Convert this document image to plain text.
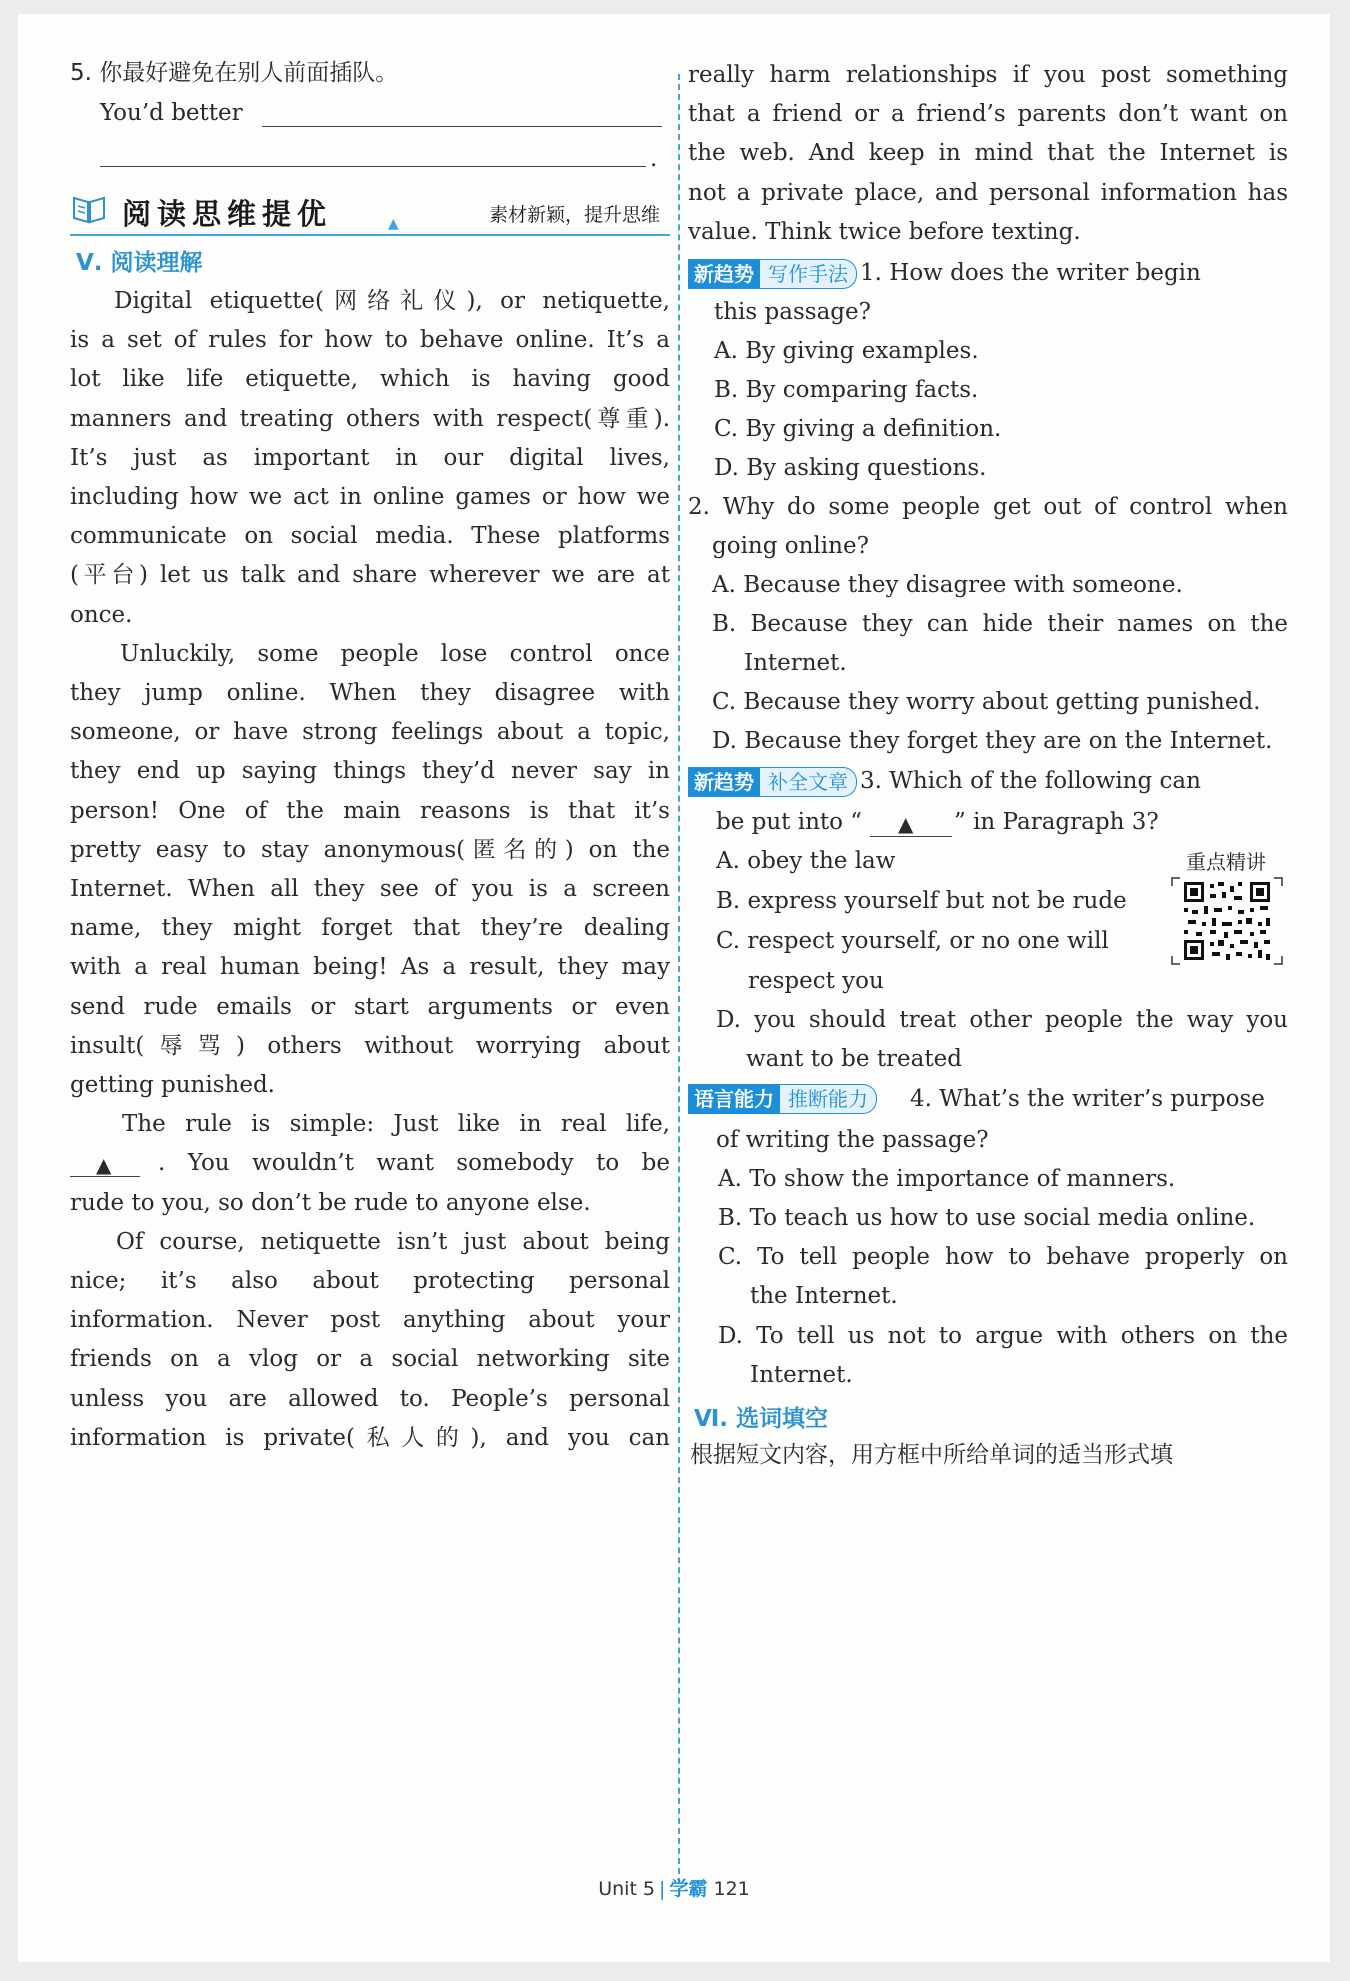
5. 你最好避免在别人前面插队。
You’d better
.
阅读思维提优	▲	素材新颖，提升思维
Ⅴ. 阅读理解
Digital etiquette(网络礼仪), or netiquette,
is a set of rules for how to behave online. It’s a
lot like life etiquette, which is having good
manners and treating others with respect(尊重).
It’s just as important in our digital lives,
including how we act in online games or how we
communicate on social media. These platforms
(平台) let us talk and share wherever we are at
once.
Unluckily, some people lose control once
they jump online. When they disagree with
someone, or have strong feelings about a topic,
they end up saying things they’d never say in
person! One of the main reasons is that it’s
pretty easy to stay anonymous(匿名的) on the
Internet. When all they see of you is a screen
name, they might forget that they’re dealing
with a real human being! As a result, they may
send rude emails or start arguments or even
insult(辱骂) others without worrying about
getting punished.
The rule is simple: Just like in real life,
. You wouldn’t want somebody to be
rude to you, so don’t be rude to anyone else.
Of course, netiquette isn’t just about being
nice; it’s also about protecting personal
information. Never post anything about your
friends on a vlog or a social networking site
unless you are allowed to. People’s personal
information is private(私人的), and you can
▲
really harm relationships if you post something
that a friend or a friend’s parents don’t want on
the web. And keep in mind that the Internet is
not a private place, and personal information has
value. Think twice before texting.
新趋势 写作手法 1. How does the writer begin
this passage?
A. By giving examples.
B. By comparing facts.
C. By giving a definition.
D. By asking questions.
2. Why do some people get out of control when
going online?
A. Because they disagree with someone.
B. Because they can hide their names on the
Internet.
C. Because they worry about getting punished.
D. Because they forget they are on the Internet.
新趋势 补全文章 3. Which of the following can
be put into “ ▲ ” in Paragraph 3?
A. obey the law
B. express yourself but not be rude
C. respect yourself, or no one will
respect you
D. you should treat other people the way you
want to be treated
重点精讲
语言能力 推断能力	4. What’s the writer’s purpose
of writing the passage?
A. To show the importance of manners.
B. To teach us how to use social media online.
C. To tell people how to behave properly on
the Internet.
D. To tell us not to argue with others on the
Internet.
Ⅵ. 选词填空
根据短文内容，用方框中所给单词的适当形式填
Unit 5 | 学霸 121
